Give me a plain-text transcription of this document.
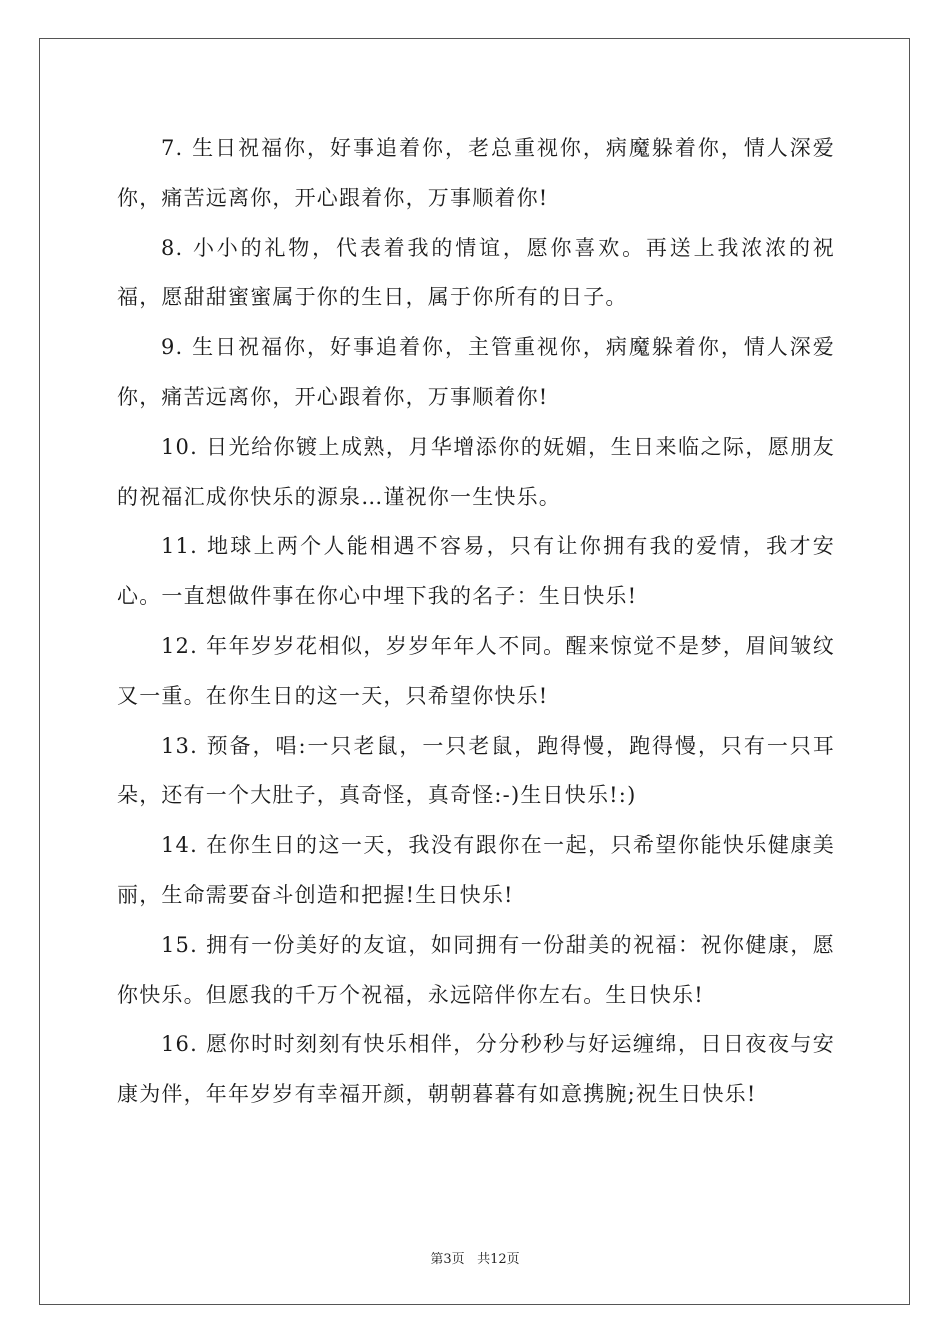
7. 生日祝福你，好事追着你，老总重视你，病魔躲着你，情人深爱你，痛苦远离你，开心跟着你，万事顺着你!

8. 小小的礼物，代表着我的情谊，愿你喜欢。再送上我浓浓的祝福，愿甜甜蜜蜜属于你的生日，属于你所有的日子。

9. 生日祝福你，好事追着你，主管重视你，病魔躲着你，情人深爱你，痛苦远离你，开心跟着你，万事顺着你!

10. 日光给你镀上成熟，月华增添你的妩媚，生日来临之际，愿朋友的祝福汇成你快乐的源泉…谨祝你一生快乐。

11. 地球上两个人能相遇不容易，只有让你拥有我的爱情，我才安心。一直想做件事在你心中埋下我的名子：生日快乐!

12. 年年岁岁花相似，岁岁年年人不同。醒来惊觉不是梦，眉间皱纹又一重。在你生日的这一天，只希望你快乐!

13. 预备，唱:一只老鼠，一只老鼠，跑得慢，跑得慢，只有一只耳朵，还有一个大肚子，真奇怪，真奇怪:-)生日快乐!:)

14. 在你生日的这一天，我没有跟你在一起，只希望你能快乐健康美丽，生命需要奋斗创造和把握!生日快乐!

15. 拥有一份美好的友谊，如同拥有一份甜美的祝福：祝你健康，愿你快乐。但愿我的千万个祝福，永远陪伴你左右。生日快乐!

16. 愿你时时刻刻有快乐相伴，分分秒秒与好运缠绵，日日夜夜与安康为伴，年年岁岁有幸福开颜，朝朝暮暮有如意携腕;祝生日快乐!

第3页 共12页
